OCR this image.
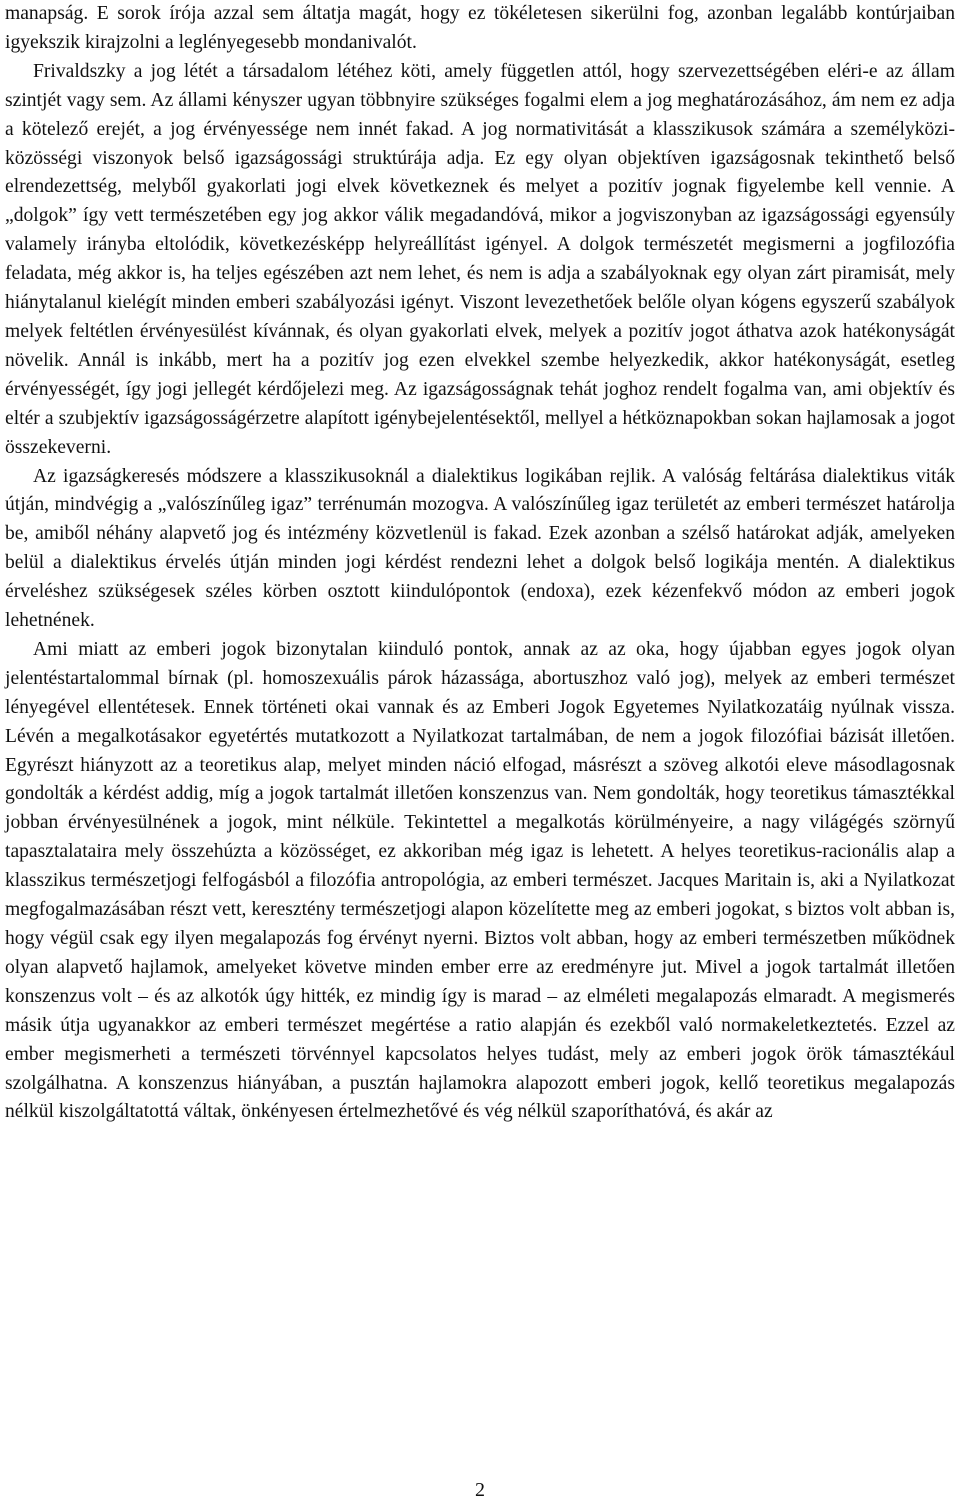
manapság. E sorok írója azzal sem áltatja magát, hogy ez tökéletesen sikerülni fog, azonban legalább kontúrjaiban igyekszik kirajzolni a leglényegesebb mondanivalót.

Frivaldszky a jog létét a társadalom létéhez köti, amely független attól, hogy szervezettségében eléri-e az állam szintjét vagy sem. Az állami kényszer ugyan többnyire szükséges fogalmi elem a jog meghatározásához, ám nem ez adja a kötelező erejét, a jog érvényessége nem innét fakad. A jog normativitását a klasszikusok számára a személyközi-közösségi viszonyok belső igazságossági struktúrája adja. Ez egy olyan objektíven igazságosnak tekinthető belső elrendezettség, melyből gyakorlati jogi elvek következnek és melyet a pozitív jognak figyelembe kell vennie. A „dolgok” így vett természetében egy jog akkor válik megadandóvá, mikor a jogviszonyban az igazságossági egyensúly valamely irányba eltolódik, következésképp helyreállítást igényel. A dolgok természetét megismerni a jogfilozófia feladata, még akkor is, ha teljes egészében azt nem lehet, és nem is adja a szabályoknak egy olyan zárt piramisát, mely hiánytalanul kielégít minden emberi szabályozási igényt. Viszont levezethetőek belőle olyan kógens egyszerű szabályok melyek feltétlen érvényesülést kívánnak, és olyan gyakorlati elvek, melyek a pozitív jogot áthatva azok hatékonyságát növelik. Annál is inkább, mert ha a pozitív jog ezen elvekkel szembe helyezkedik, akkor hatékonyságát, esetleg érvényességét, így jogi jellegét kérdőjelezi meg. Az igazságosságnak tehát joghoz rendelt fogalma van, ami objektív és eltér a szubjektív igazságosságérzetre alapított igénybejelentésektől, mellyel a hétköznapokban sokan hajlamosak a jogot összekeverni.

Az igazságkeresés módszere a klasszikusoknál a dialektikus logikában rejlik. A valóság feltárása dialektikus viták útján, mindvégig a „valószínűleg igaz” terrénumán mozogva. A valószínűleg igaz területét az emberi természet határolja be, amiből néhány alapvető jog és intézmény közvetlenül is fakad. Ezek azonban a szélső határokat adják, amelyeken belül a dialektikus érvelés útján minden jogi kérdést rendezni lehet a dolgok belső logikája mentén. A dialektikus érveléshez szükségesek széles körben osztott kiindulópontok (endoxa), ezek kézenfekvő módon az emberi jogok lehetnének.

Ami miatt az emberi jogok bizonytalan kiinduló pontok, annak az az oka, hogy újabban egyes jogok olyan jelentéstartalommal bírnak (pl. homoszexuális párok házassága, abortuszhoz való jog), melyek az emberi természet lényegével ellentétesek. Ennek történeti okai vannak és az Emberi Jogok Egyetemes Nyilatkozatáig nyúlnak vissza. Lévén a megalkotásakor egyetértés mutatkozott a Nyilatkozat tartalmában, de nem a jogok filozófiai bázisát illetően. Egyrészt hiányzott az a teoretikus alap, melyet minden náció elfogad, másrészt a szöveg alkotói eleve másodlagosnak gondolták a kérdést addig, míg a jogok tartalmát illetően konszenzus van. Nem gondolták, hogy teoretikus támasztékkal jobban érvényesülnének a jogok, mint nélküle. Tekintettel a megalkotás körülményeire, a nagy világégés szörnyű tapasztalataira mely összehúzta a közösséget, ez akkoriban még igaz is lehetett. A helyes teoretikus-racionális alap a klasszikus természetjogi felfogásból a filozófia antropológia, az emberi természet. Jacques Maritain is, aki a Nyilatkozat megfogalmazásában részt vett, keresztény természetjogi alapon közelítette meg az emberi jogokat, s biztos volt abban is, hogy végül csak egy ilyen megalapozás fog érvényt nyerni. Biztos volt abban, hogy az emberi természetben működnek olyan alapvető hajlamok, amelyeket követve minden ember erre az eredményre jut. Mivel a jogok tartalmát illetően konszenzus volt – és az alkotók úgy hitték, ez mindig így is marad – az elméleti megalapozás elmaradt. A megismerés másik útja ugyanakkor az emberi természet megértése a ratio alapján és ezekből való normakeletkeztetés. Ezzel az ember megismerheti a természeti törvénnyel kapcsolatos helyes tudást, mely az emberi jogok örök támasztékául szolgálhatna. A konszenzus hiányában, a pusztán hajlamokra alapozott emberi jogok, kellő teoretikus megalapozás nélkül kiszolgáltatottá váltak, önkényesen értelmezhetővé és vég nélkül szaporíthatóvá, és akár az

2
